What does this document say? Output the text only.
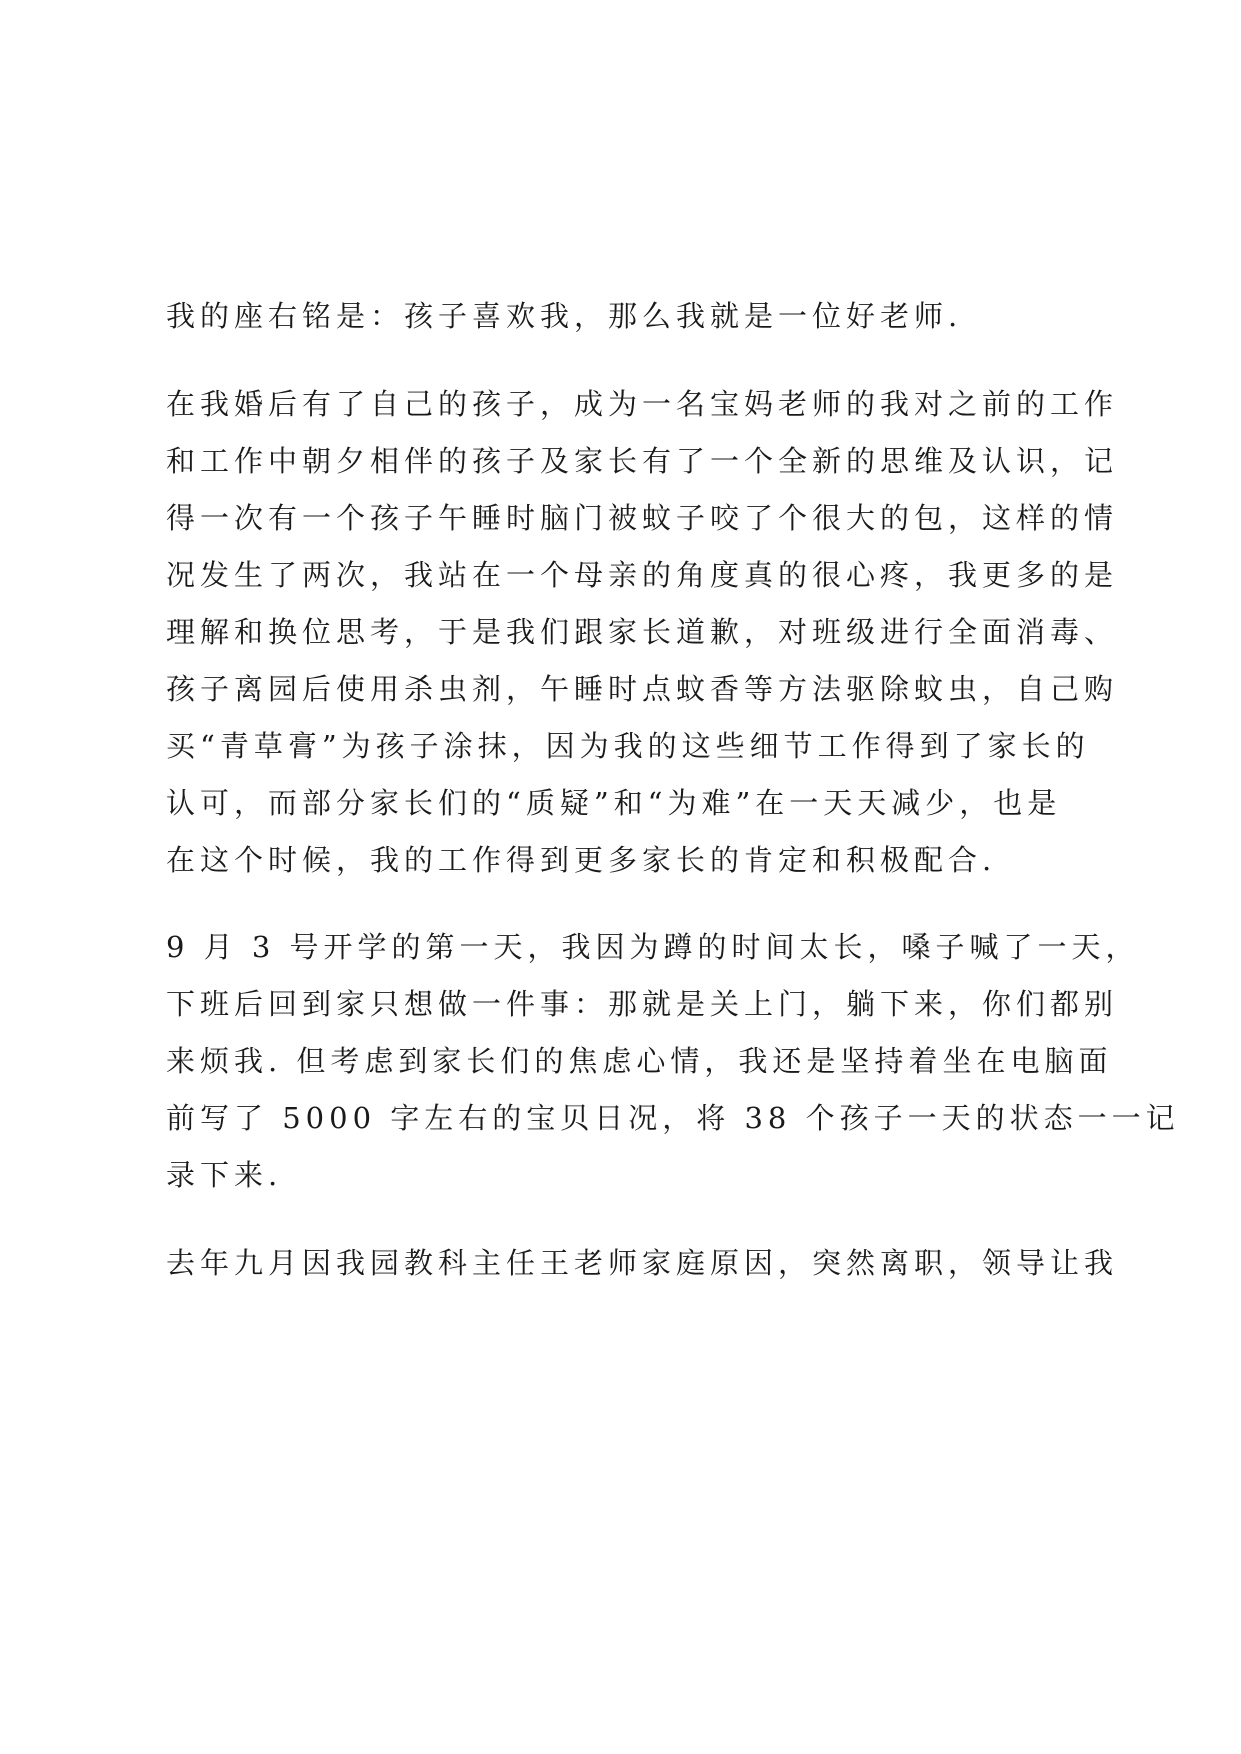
我的座右铭是：孩子喜欢我，那么我就是一位好老师.
在我婚后有了自己的孩子，成为一名宝妈老师的我对之前的工作
和工作中朝夕相伴的孩子及家长有了一个全新的思维及认识，记
得一次有一个孩子午睡时脑门被蚊子咬了个很大的包，这样的情
况发生了两次，我站在一个母亲的角度真的很心疼，我更多的是
理解和换位思考，于是我们跟家长道歉，对班级进行全面消毒、
孩子离园后使用杀虫剂，午睡时点蚊香等方法驱除蚊虫，自己购
买“青草膏”为孩子涂抹，因为我的这些细节工作得到了家长的
认可，而部分家长们的“质疑”和“为难”在一天天减少，也是
在这个时候，我的工作得到更多家长的肯定和积极配合.
9 月 3 号开学的第一天，我因为蹲的时间太长，嗓子喊了一天，
下班后回到家只想做一件事：那就是关上门，躺下来，你们都别
来烦我. 但考虑到家长们的焦虑心情，我还是坚持着坐在电脑面
前写了 5000 字左右的宝贝日况，将 38 个孩子一天的状态一一记
录下来.
去年九月因我园教科主任王老师家庭原因，突然离职，领导让我
